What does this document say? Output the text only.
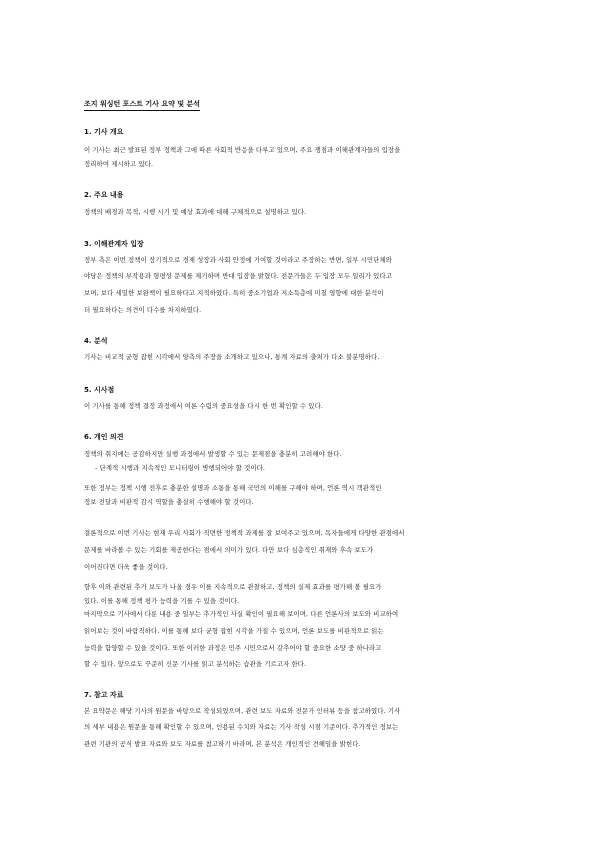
조지 워싱턴 포스트 기사 요약 및 분석
1. 기사 개요
이 기사는 최근 발표된 정부 정책과 그에 따른 사회적 반응을 다루고 있으며, 주요 쟁점과 이해관계자들의 입장을
정리하여 제시하고 있다.
2. 주요 내용
정책의 배경과 목적, 시행 시기 및 예상 효과에 대해 구체적으로 설명하고 있다.
3. 이해관계자 입장
정부 측은 이번 정책이 장기적으로 경제 성장과 사회 안정에 기여할 것이라고 주장하는 반면, 일부 시민단체와
야당은 정책의 부작용과 형평성 문제를 제기하며 반대 입장을 밝혔다. 전문가들은 두 입장 모두 일리가 있다고
보며, 보다 세밀한 보완책이 필요하다고 지적하였다. 특히 중소기업과 저소득층에 미칠 영향에 대한 분석이
더 필요하다는 의견이 다수를 차지하였다.
4. 분석
기사는 비교적 균형 잡힌 시각에서 양측의 주장을 소개하고 있으나, 통계 자료의 출처가 다소 불분명하다.
5. 시사점
이 기사를 통해 정책 결정 과정에서 여론 수렴의 중요성을 다시 한 번 확인할 수 있다.
6. 개인 의견
정책의 취지에는 공감하지만 실행 과정에서 발생할 수 있는 문제점을 충분히 고려해야 한다.
- 단계적 시행과 지속적인 모니터링이 병행되어야 할 것이다.
또한 정부는 정책 시행 전후로 충분한 설명과 소통을 통해 국민의 이해를 구해야 하며, 언론 역시 객관적인
정보 전달과 비판적 감시 역할을 충실히 수행해야 할 것이다.
결론적으로 이번 기사는 현재 우리 사회가 직면한 정책적 과제를 잘 보여주고 있으며, 독자들에게 다양한 관점에서
문제를 바라볼 수 있는 기회를 제공한다는 점에서 의미가 있다. 다만 보다 심층적인 취재와 후속 보도가
이어진다면 더욱 좋을 것이다.
향후 이와 관련된 추가 보도가 나올 경우 이를 지속적으로 관찰하고, 정책의 실제 효과를 평가해 볼 필요가
있다. 이를 통해 정책 평가 능력을 기를 수 있을 것이다.
마지막으로 기사에서 다룬 내용 중 일부는 추가적인 사실 확인이 필요해 보이며, 다른 언론사의 보도와 비교하여
읽어보는 것이 바람직하다. 이를 통해 보다 균형 잡힌 시각을 가질 수 있으며, 언론 보도를 비판적으로 읽는
능력을 함양할 수 있을 것이다. 또한 이러한 과정은 민주 시민으로서 갖추어야 할 중요한 소양 중 하나라고
할 수 있다. 앞으로도 꾸준히 신문 기사를 읽고 분석하는 습관을 기르고자 한다.
7. 참고 자료
본 요약문은 해당 기사의 원문을 바탕으로 작성되었으며, 관련 보도 자료와 전문가 인터뷰 등을 참고하였다. 기사
의 세부 내용은 원문을 통해 확인할 수 있으며, 인용된 수치와 자료는 기사 작성 시점 기준이다. 추가적인 정보는
관련 기관의 공식 발표 자료와 보도 자료를 참고하기 바라며, 본 분석은 개인적인 견해임을 밝힌다.
